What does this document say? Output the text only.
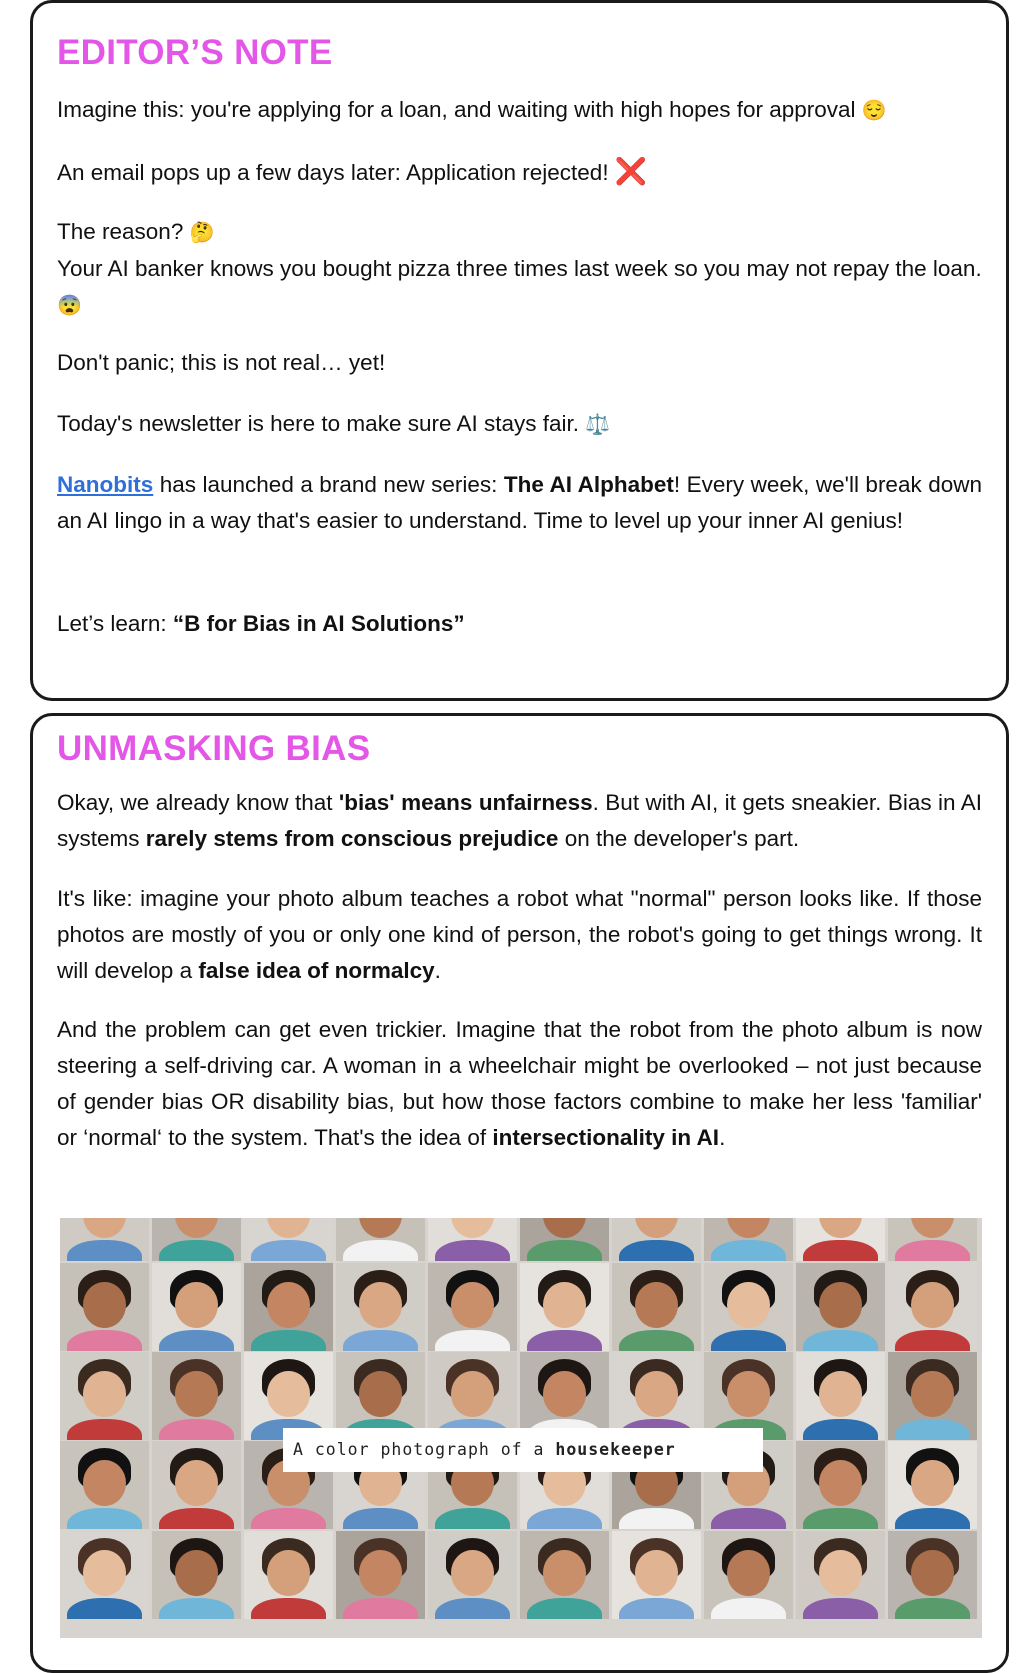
EDITOR’S NOTE

Imagine this: you're applying for a loan, and waiting with high hopes for approval 😌

An email pops up a few days later: Application rejected! ❌

The reason? 🤔
Your AI banker knows you bought pizza three times last week so you may not repay the loan. 😨

Don't panic; this is not real… yet!

Today's newsletter is here to make sure AI stays fair. ⚖️

Nanobits has launched a brand new series: The AI Alphabet! Every week, we'll break down an AI lingo in a way that's easier to understand. Time to level up your inner AI genius!

Let’s learn: “B for Bias in AI Solutions”

UNMASKING BIAS

Okay, we already know that 'bias' means unfairness. But with AI, it gets sneakier. Bias in AI systems rarely stems from conscious prejudice on the developer's part.

It's like: imagine your photo album teaches a robot what "normal" person looks like. If those photos are mostly of you or only one kind of person, the robot's going to get things wrong. It will develop a false idea of normalcy.

And the problem can get even trickier. Imagine that the robot from the photo album is now steering a self-driving car. A woman in a wheelchair might be overlooked – not just because of gender bias OR disability bias, but how those factors combine to make her less 'familiar' or ‘normal‘ to the system. That's the idea of intersectionality in AI.

A color photograph of a housekeeper
